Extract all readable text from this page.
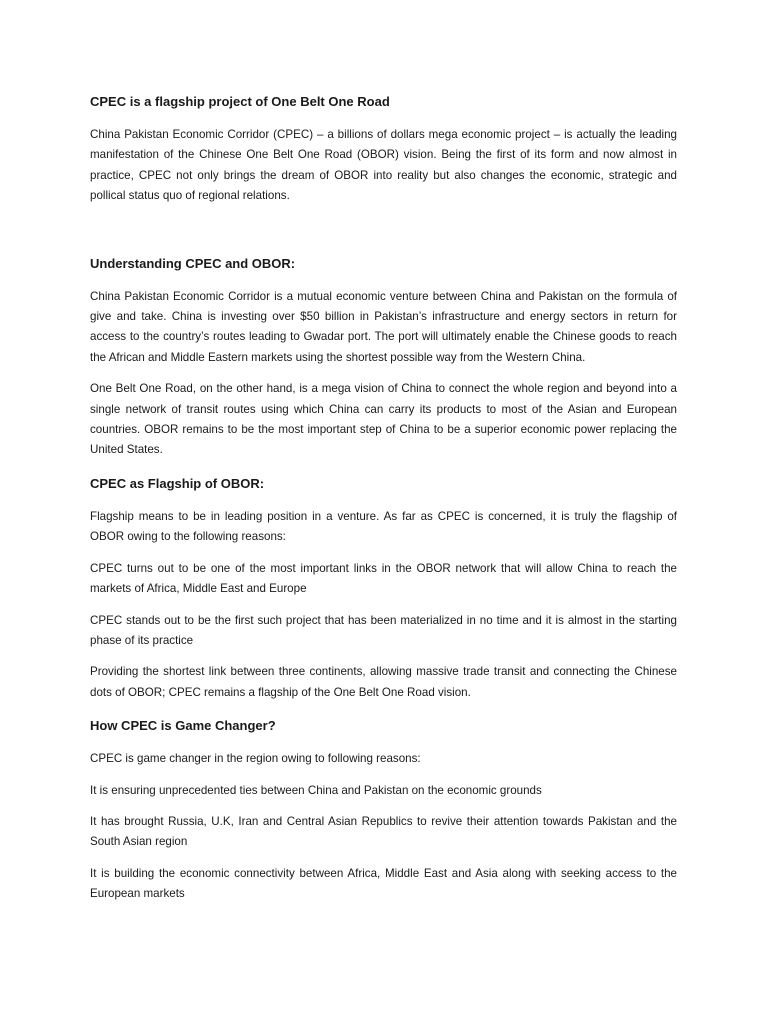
CPEC is a flagship project of One Belt One Road

China Pakistan Economic Corridor (CPEC) – a billions of dollars mega economic project – is actually the leading manifestation of the Chinese One Belt One Road (OBOR) vision. Being the first of its form and now almost in practice, CPEC not only brings the dream of OBOR into reality but also changes the economic, strategic and pollical status quo of regional relations.

Understanding CPEC and OBOR:

China Pakistan Economic Corridor is a mutual economic venture between China and Pakistan on the formula of give and take. China is investing over $50 billion in Pakistan’s infrastructure and energy sectors in return for access to the country’s routes leading to Gwadar port. The port will ultimately enable the Chinese goods to reach the African and Middle Eastern markets using the shortest possible way from the Western China.

One Belt One Road, on the other hand, is a mega vision of China to connect the whole region and beyond into a single network of transit routes using which China can carry its products to most of the Asian and European countries. OBOR remains to be the most important step of China to be a superior economic power replacing the United States.

CPEC as Flagship of OBOR:

Flagship means to be in leading position in a venture. As far as CPEC is concerned, it is truly the flagship of OBOR owing to the following reasons:

CPEC turns out to be one of the most important links in the OBOR network that will allow China to reach the markets of Africa, Middle East and Europe

CPEC stands out to be the first such project that has been materialized in no time and it is almost in the starting phase of its practice

Providing the shortest link between three continents, allowing massive trade transit and connecting the Chinese dots of OBOR; CPEC remains a flagship of the One Belt One Road vision.

How CPEC is Game Changer?

CPEC is game changer in the region owing to following reasons:

It is ensuring unprecedented ties between China and Pakistan on the economic grounds

It has brought Russia, U.K, Iran and Central Asian Republics to revive their attention towards Pakistan and the South Asian region

It is building the economic connectivity between Africa, Middle East and Asia along with seeking access to the European markets
